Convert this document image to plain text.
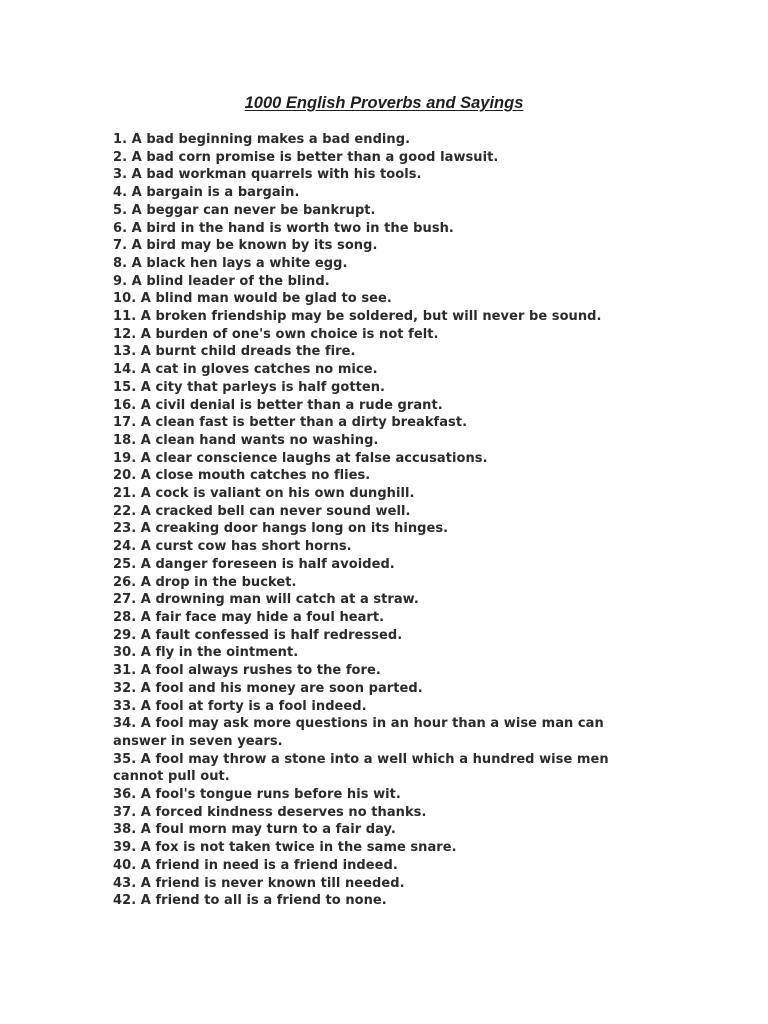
1000 English Proverbs and Sayings
1. A bad beginning makes a bad ending.
2. A bad corn promise is better than a good lawsuit.
3. A bad workman quarrels with his tools.
4. A bargain is a bargain.
5. A beggar can never be bankrupt.
6. A bird in the hand is worth two in the bush.
7. A bird may be known by its song.
8. A black hen lays a white egg.
9. A blind leader of the blind.
10. A blind man would be glad to see.
11. A broken friendship may be soldered, but will never be sound.
12. A burden of one's own choice is not felt.
13. A burnt child dreads the fire.
14. A cat in gloves catches no mice.
15. A city that parleys is half gotten.
16. A civil denial is better than a rude grant.
17. A clean fast is better than a dirty breakfast.
18. A clean hand wants no washing.
19. A clear conscience laughs at false accusations.
20. A close mouth catches no flies.
21. A cock is valiant on his own dunghill.
22. A cracked bell can never sound well.
23. A creaking door hangs long on its hinges.
24. A curst cow has short horns.
25. A danger foreseen is half avoided.
26. A drop in the bucket.
27. A drowning man will catch at a straw.
28. A fair face may hide a foul heart.
29. A fault confessed is half redressed.
30. A fly in the ointment.
31. A fool always rushes to the fore.
32. A fool and his money are soon parted.
33. A fool at forty is a fool indeed.
34. A fool may ask more questions in an hour than a wise man can answer in seven years.
35. A fool may throw a stone into a well which a hundred wise men cannot pull out.
36. A fool's tongue runs before his wit.
37. A forced kindness deserves no thanks.
38. A foul morn may turn to a fair day.
39. A fox is not taken twice in the same snare.
40. A friend in need is a friend indeed.
43. A friend is never known till needed.
42. A friend to all is a friend to none.
